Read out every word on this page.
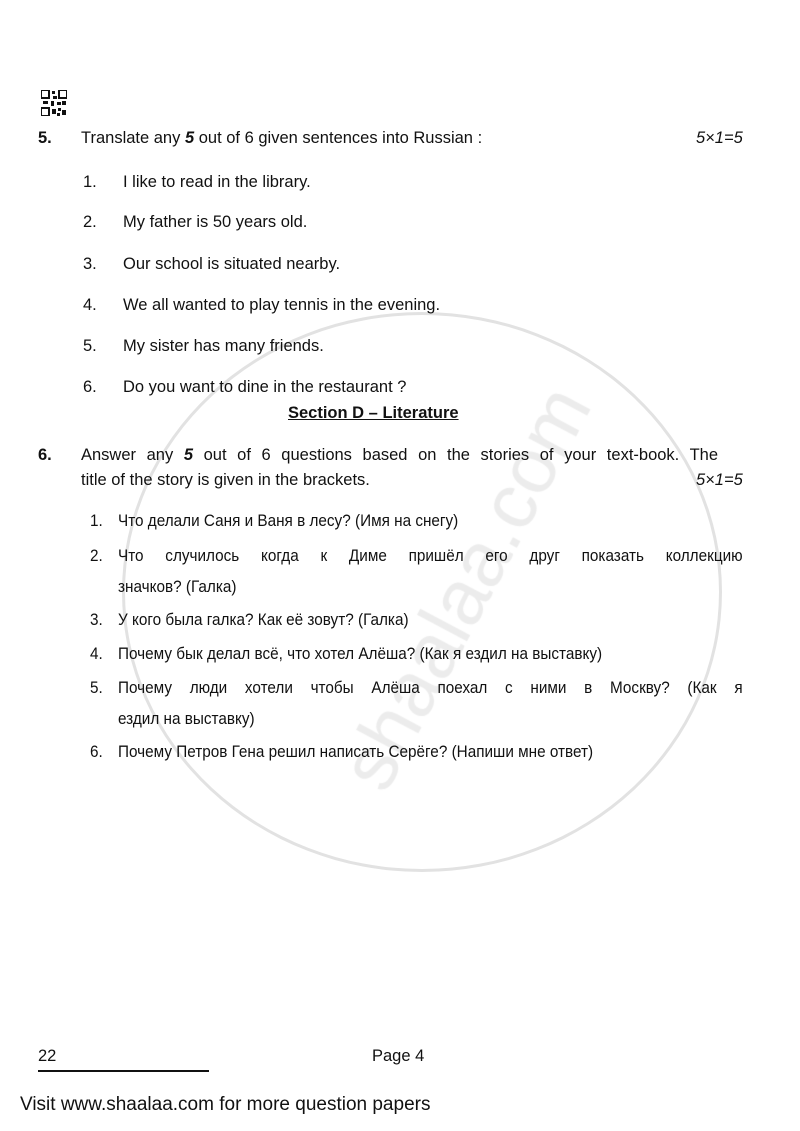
5. Translate any 5 out of 6 given sentences into Russian :	5×1=5
1. I like to read in the library.
2. My father is 50 years old.
3. Our school is situated nearby.
4. We all wanted to play tennis in the evening.
5. My sister has many friends.
6. Do you want to dine in the restaurant ?
Section D – Literature
6. Answer any 5 out of 6 questions based on the stories of your text-book. The
title of the story is given in the brackets.	5×1=5
1. Что делали Саня и Ваня в лесу? (Имя на снегу)
2. Что случилось когда к Диме пришёл его друг показать коллекцию
значков? (Галка)
3. У кого была галка? Как её зовут? (Галка)
4. Почему бык делал всё, что хотел Алёша? (Как я ездил на выставку)
5. Почему люди хотели чтобы Алёша поехал с ними в Москву? (Как я
ездил на выставку)
6. Почему Петров Гена решил написать Серёге? (Напиши мне ответ)
22	Page 4
Visit www.shaalaa.com for more question papers
